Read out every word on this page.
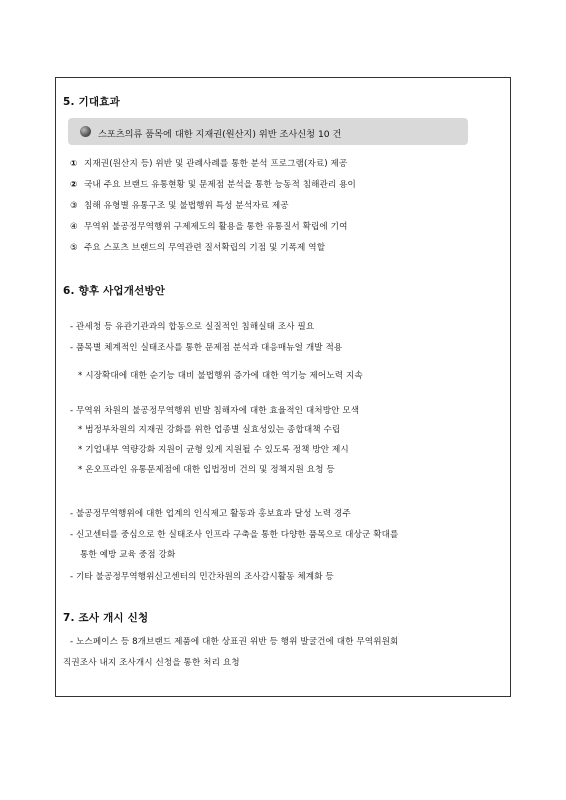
5. 기대효과
스포츠의류 품목에 대한 지재권(원산지) 위반 조사신청 10 건
① 지재권(원산지 등) 위반 및 관례사례를 통한 분석 프로그램(자료) 제공
② 국내 주요 브랜드 유통현황 및 문제점 분석을 통한 능동적 침해관리 용이
③ 침해 유형별 유통구조 및 불법행위 특성 분석자료 제공
④ 무역위 불공정무역행위 구제제도의 활용을 통한 유통질서 확립에 기여
⑤ 주요 스포츠 브랜드의 무역관련 질서확립의 기점 및 기폭제 역할
6. 향후 사업개선방안
- 관세청 등 유관기관과의 합동으로 실질적인 침해실태 조사 필요
- 품목별 체계적인 실태조사를 통한 문제점 분석과 대응매뉴얼 개발 적용
* 시장확대에 대한 순기능 대비 불법행위 증가에 대한 역기능 제어노력 지속
- 무역위 차원의 불공정무역행위 빈발 침해자에 대한 효율적인 대처방안 모색
* 범정부차원의 지재권 강화를 위한 업종별 실효성있는 종합대책 수립
* 기업내부 역량강화 지원이 균형 있게 지원될 수 있도록 정책 방안 제시
* 온오프라인 유통문제점에 대한 입법정비 건의 및 정책지원 요청 등
- 불공정무역행위에 대한 업계의 인식제고 활동과 홍보효과 달성 노력 경주
- 신고센터를 중심으로 한 실태조사 인프라 구축을 통한 다양한 품목으로 대상군 확대를
통한 예방 교육 중점 강화
- 기타 불공정무역행위신고센터의 민간차원의 조사감시활동 체계화 등
7. 조사 개시 신청
- 노스페이스 등 8개브랜드 제품에 대한 상표권 위반 등 행위 발굴건에 대한 무역위원회
직권조사 내지 조사개시 신청을 통한 처리 요청
